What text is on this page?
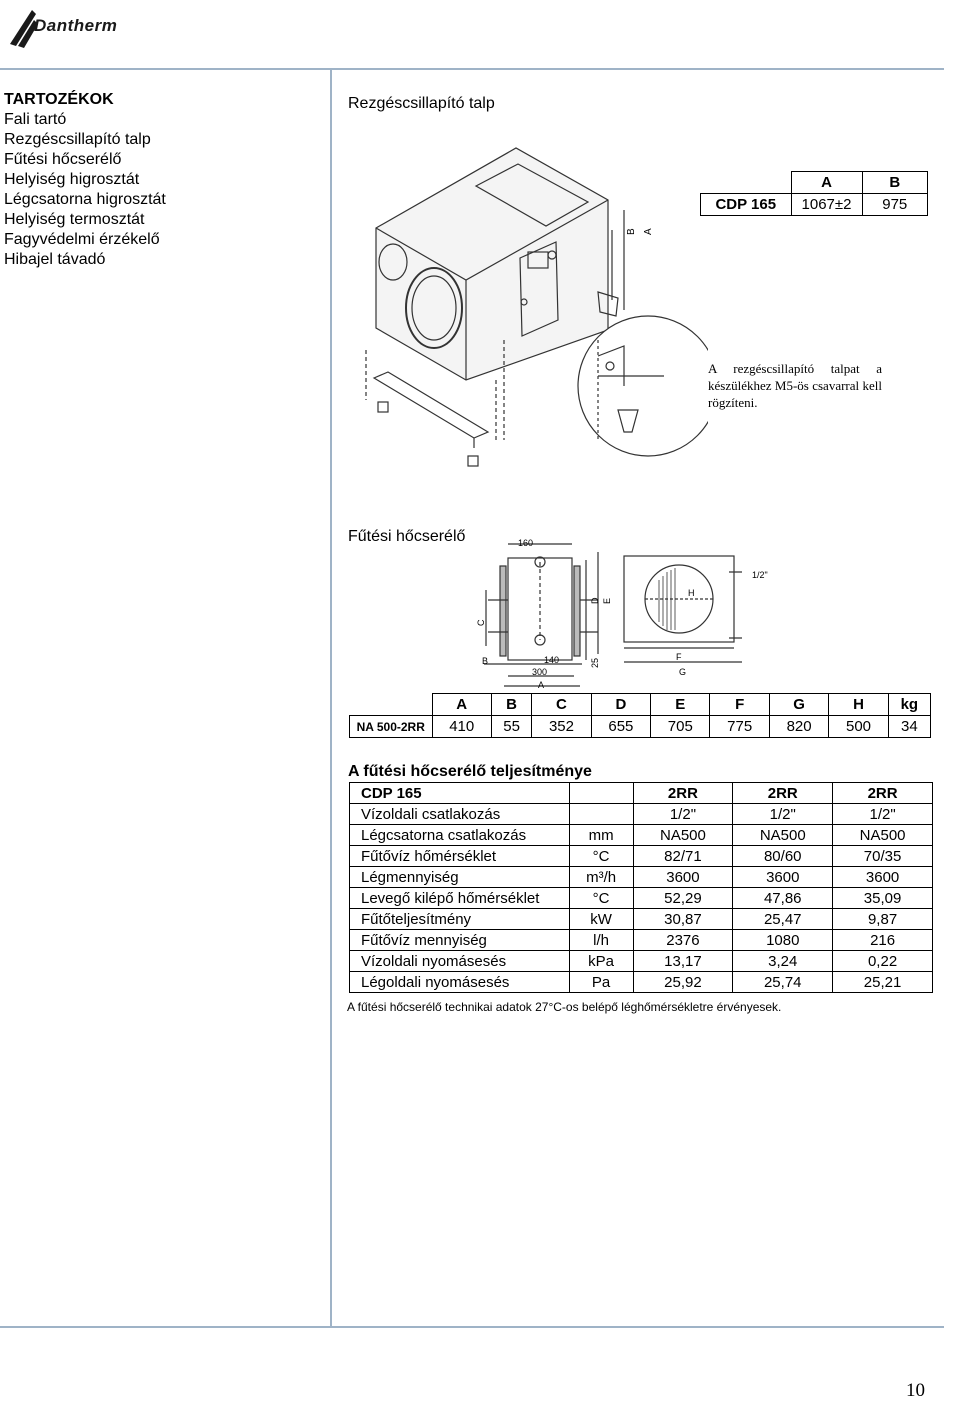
Dantherm
TARTOZÉKOK
Fali tartó
Rezgéscsillapító talp
Fűtési hőcserélő
Helyiség higrosztát
Légcsatorna higrosztát
Helyiség termosztát
Fagyvédelmi érzékelő
Hibajel távadó
Rezgéscsillapító talp
B A
	A	B
CDP 165	1067±2	975
A rezgéscsillapító talpat a készülékhez M5-ös csavarral kell rögzíteni.
Fűtési hőcserélő	160
C
B	140
300
A
25
D E
F
G
H
1/2"
	A	B	C	D	E	F	G	H	kg
NA 500-2RR	410	55	352	655	705	775	820	500	34
A fűtési hőcserélő teljesítménye
CDP 165		2RR	2RR	2RR
Vízoldali csatlakozás		1/2"	1/2"	1/2"
Légcsatorna csatlakozás	mm	NA500	NA500	NA500
Fűtővíz hőmérséklet	°C	82/71	80/60	70/35
Légmennyiség	m³/h	3600	3600	3600
Levegő kilépő hőmérséklet	°C	52,29	47,86	35,09
Fűtőteljesítmény	kW	30,87	25,47	9,87
Fűtővíz mennyiség	l/h	2376	1080	216
Vízoldali nyomásesés	kPa	13,17	3,24	0,22
Légoldali nyomásesés	Pa	25,92	25,74	25,21
A fűtési hőcserélő technikai adatok 27°C-os belépő léghőmérsékletre érvényesek.
10
